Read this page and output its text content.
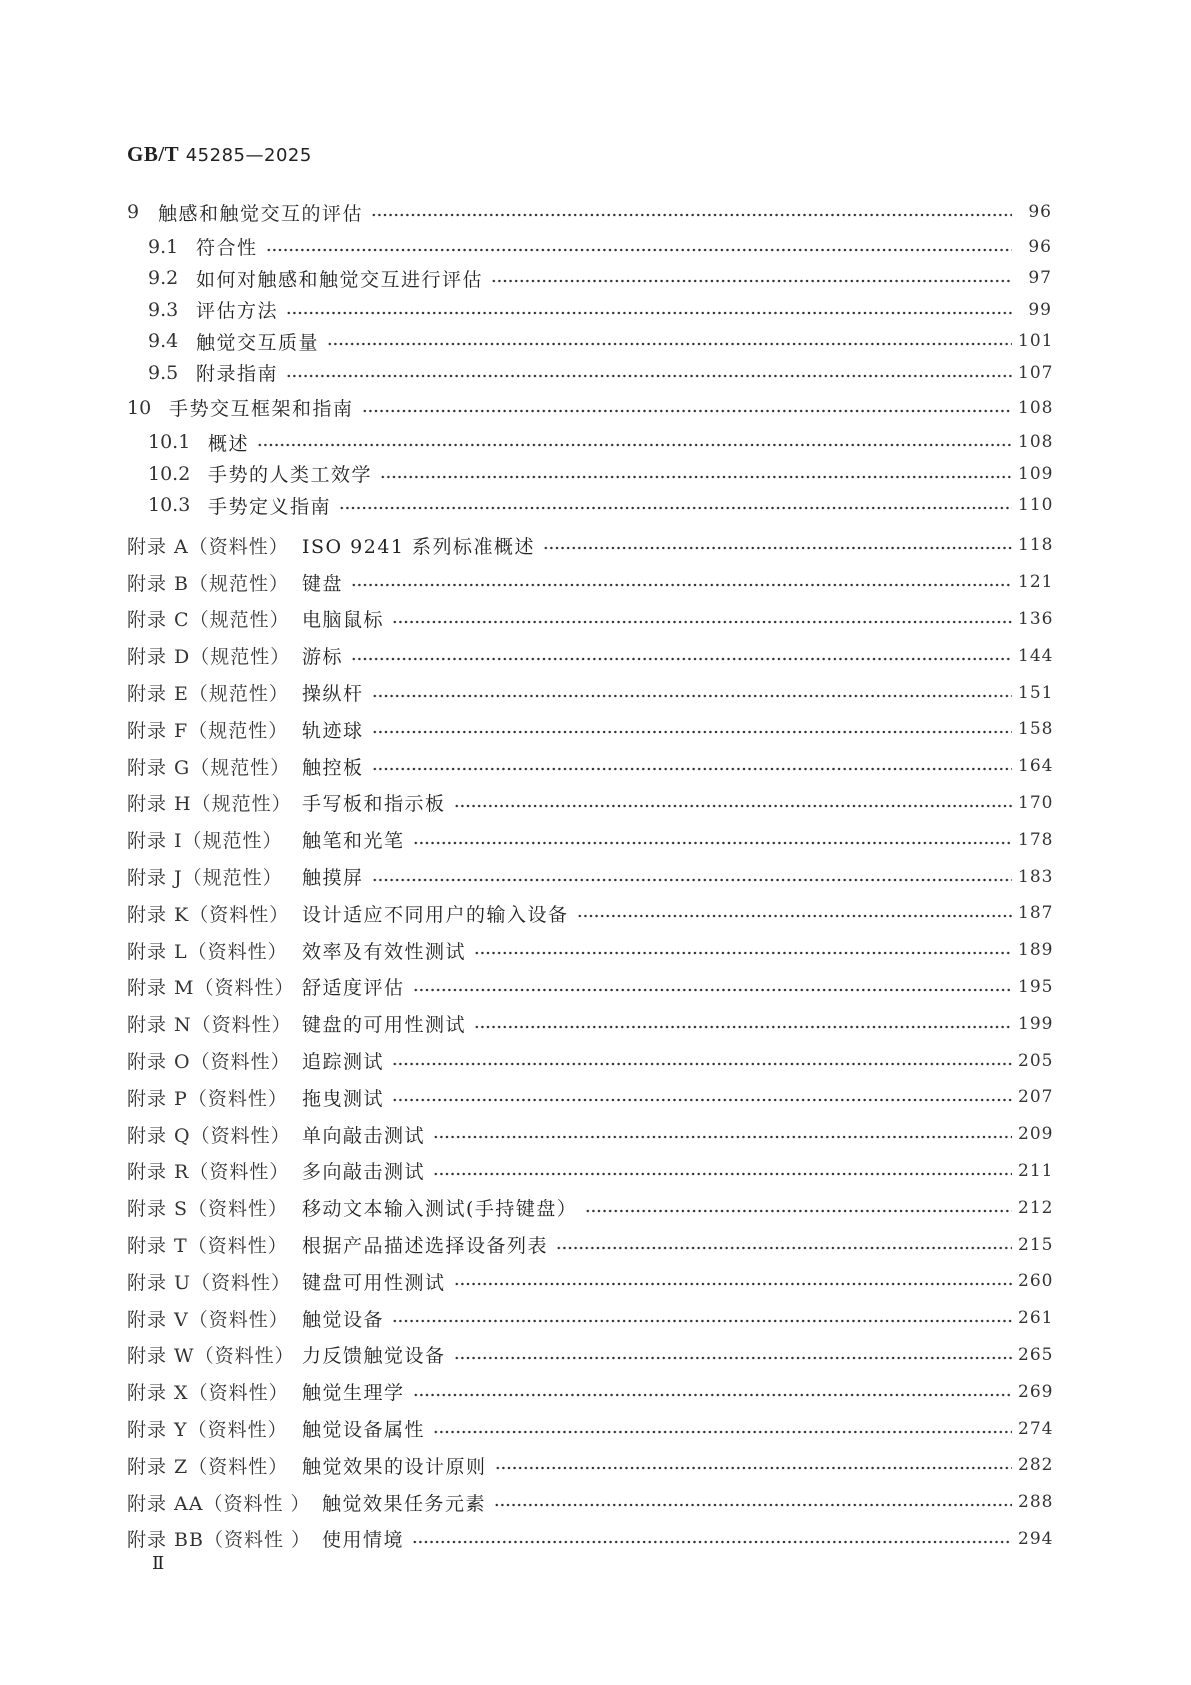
GB/T 45285—2025
9 触感和触觉交互的评估	96
9.1 符合性	96
9.2 如何对触感和触觉交互进行评估	97
9.3 评估方法	99
9.4 触觉交互质量	101
9.5 附录指南	107
10 手势交互框架和指南	108
10.1 概述	108
10.2 手势的人类工效学	109
10.3 手势定义指南	110
附录 A（资料性） ISO 9241 系列标准概述	118
附录 B（规范性） 键盘	121
附录 C（规范性） 电脑鼠标	136
附录 D（规范性） 游标	144
附录 E（规范性） 操纵杆	151
附录 F（规范性） 轨迹球	158
附录 G（规范性） 触控板	164
附录 H（规范性） 手写板和指示板	170
附录 I（规范性）	触笔和光笔	178
附录 J（规范性）	触摸屏	183
附录 K（资料性） 设计适应不同用户的输入设备	187
附录 L（资料性） 效率及有效性测试	189
附录 M（资料性） 舒适度评估	195
附录 N（资料性） 键盘的可用性测试	199
附录 O（资料性） 追踪测试	205
附录 P（资料性） 拖曳测试	207
附录 Q（资料性） 单向敲击测试	209
附录 R（资料性） 多向敲击测试	211
附录 S（资料性） 移动文本输入测试(手持键盘）	212
附录 T（资料性） 根据产品描述选择设备列表	215
附录 U（资料性） 键盘可用性测试	260
附录 V（资料性） 触觉设备	261
附录 W（资料性） 力反馈触觉设备	265
附录 X（资料性） 触觉生理学	269
附录 Y（资料性） 触觉设备属性	274
附录 Z（资料性） 触觉效果的设计原则	282
附录 AA（资料性 ） 触觉效果任务元素	288
附录 BB（资料性 ） 使用情境	294
Ⅱ
